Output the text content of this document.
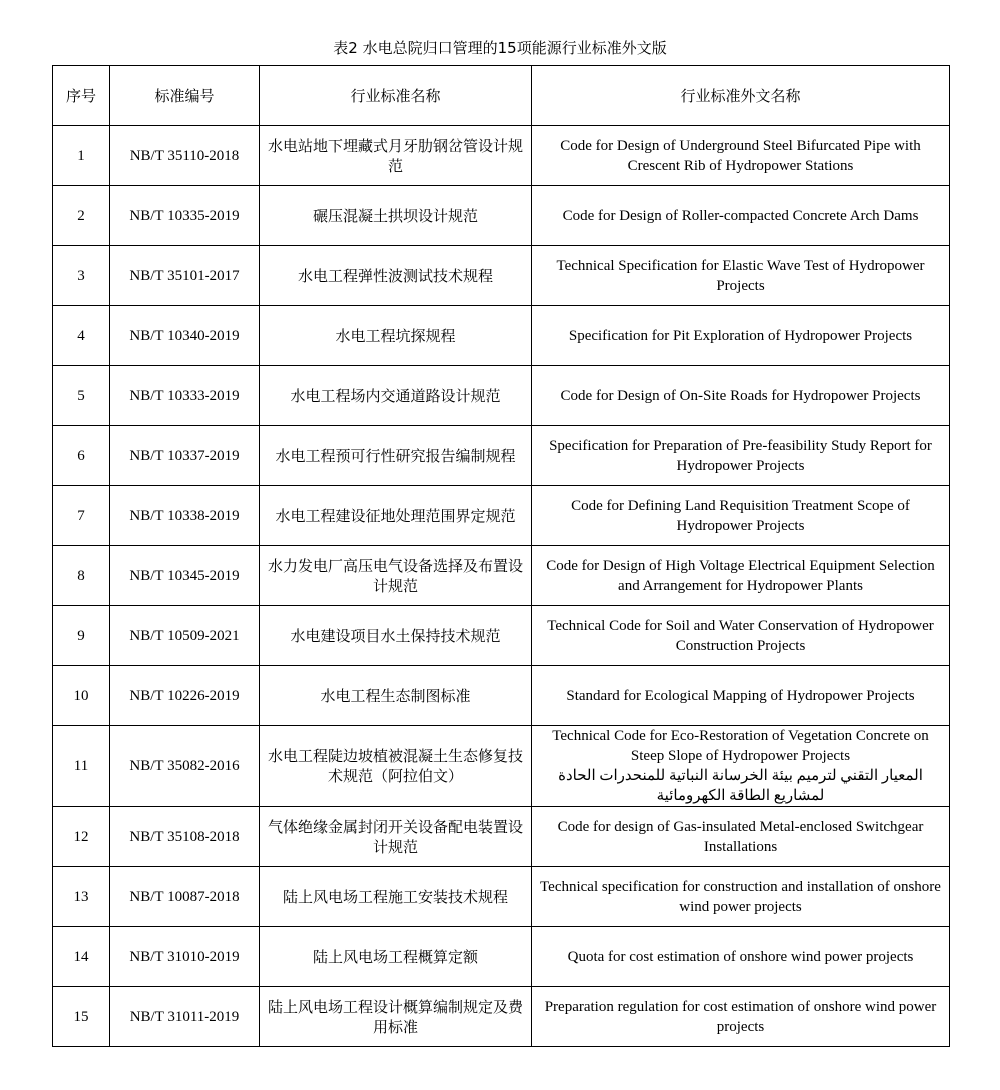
表2 水电总院归口管理的15项能源行业标准外文版
序号	标准编号	行业标准名称	行业标准外文名称
1	NB/T 35110-2018	水电站地下埋藏式月牙肋钢岔管设计规范	Code for Design of Underground Steel Bifurcated Pipe with Crescent Rib of Hydropower Stations
2	NB/T 10335-2019	碾压混凝土拱坝设计规范	Code for Design of Roller-compacted Concrete Arch Dams
3	NB/T 35101-2017	水电工程弹性波测试技术规程	Technical Specification for Elastic Wave Test of Hydropower Projects
4	NB/T 10340-2019	水电工程坑探规程	Specification for Pit Exploration of Hydropower Projects
5	NB/T 10333-2019	水电工程场内交通道路设计规范	Code for Design of On-Site Roads for Hydropower Projects
6	NB/T 10337-2019	水电工程预可行性研究报告编制规程	Specification for Preparation of Pre-feasibility Study Report for Hydropower Projects
7	NB/T 10338-2019	水电工程建设征地处理范围界定规范	Code for Defining Land Requisition Treatment Scope of Hydropower Projects
8	NB/T 10345-2019	水力发电厂高压电气设备选择及布置设计规范	Code for Design of High Voltage Electrical Equipment Selection and Arrangement for Hydropower Plants
9	NB/T 10509-2021	水电建设项目水土保持技术规范	Technical Code for Soil and Water Conservation of Hydropower Construction Projects
10	NB/T 10226-2019	水电工程生态制图标准	Standard for Ecological Mapping of Hydropower Projects
11	NB/T 35082-2016	水电工程陡边坡植被混凝土生态修复技术规范（阿拉伯文）	Technical Code for Eco-Restoration of Vegetation Concrete on Steep Slope of Hydropower Projects
المعيار التقني لترميم بيئة الخرسانة النباتية للمنحدرات الحادة لمشاريع الطاقة الكهرومائية

12	NB/T 35108-2018	气体绝缘金属封闭开关设备配电装置设计规范	Code for design of Gas-insulated Metal-enclosed Switchgear Installations
13	NB/T 10087-2018	陆上风电场工程施工安装技术规程	Technical specification for construction and installation of onshore wind power projects
14	NB/T 31010-2019	陆上风电场工程概算定额	Quota for cost estimation of onshore wind power projects
15	NB/T 31011-2019	陆上风电场工程设计概算编制规定及费用标准	Preparation regulation for cost estimation of onshore wind power projects
